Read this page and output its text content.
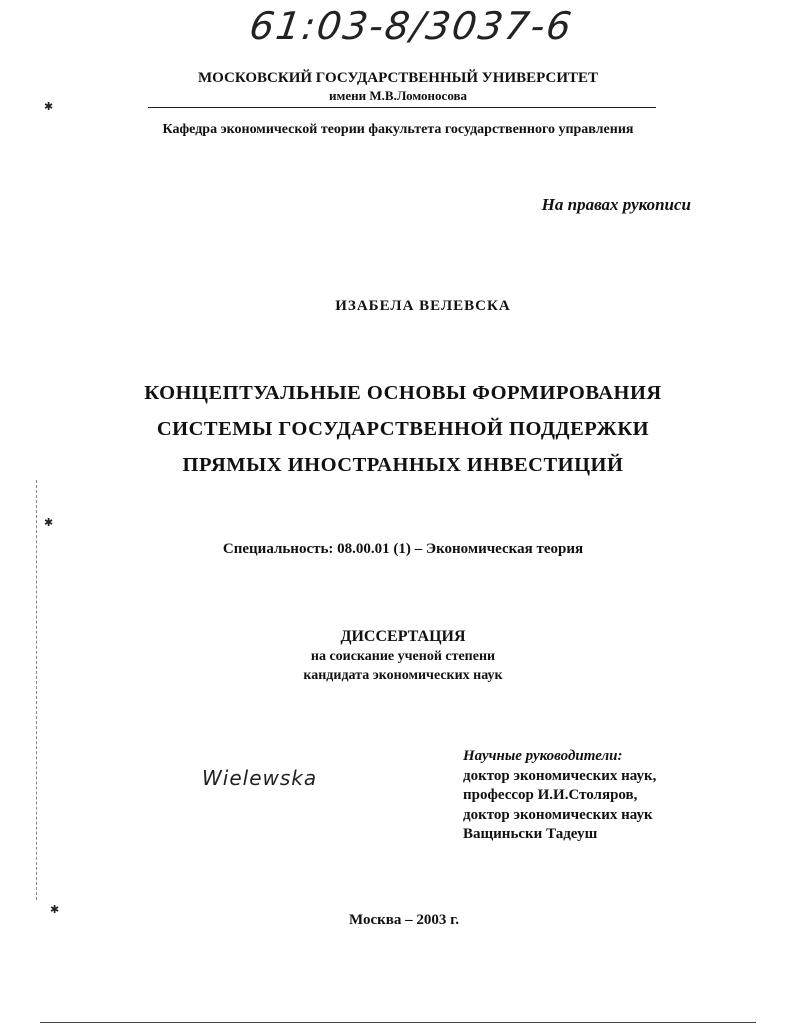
61:03-8/3037-6
МОСКОВСКИЙ ГОСУДАРСТВЕННЫЙ УНИВЕРСИТЕТ
имени М.В.Ломоносова
Кафедра экономической теории факультета государственного управления
На правах рукописи
ИЗАБЕЛА ВЕЛЕВСКА
КОНЦЕПТУАЛЬНЫЕ ОСНОВЫ ФОРМИРОВАНИЯ
СИСТЕМЫ ГОСУДАРСТВЕННОЙ ПОДДЕРЖКИ
ПРЯМЫХ ИНОСТРАННЫХ ИНВЕСТИЦИЙ
Специальность: 08.00.01 (1) – Экономическая теория
ДИССЕРТАЦИЯ
на соискание ученой степени
кандидата экономических наук
Wielewska
Научные руководители:
доктор экономических наук,
профессор И.И.Столяров,
доктор экономических наук
Ващиньски Тадеуш
Москва – 2003 г.
✱
✱
✱
